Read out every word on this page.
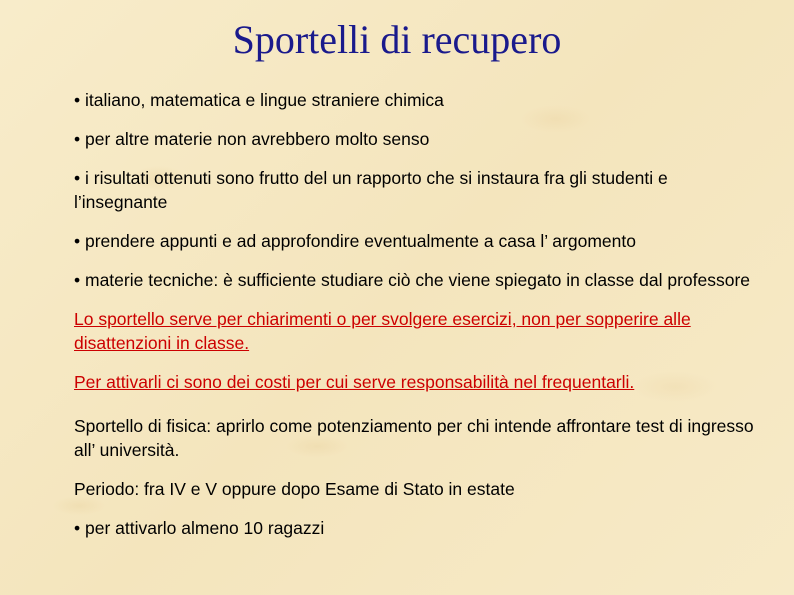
Sportelli di recupero

• italiano, matematica e lingue straniere chimica

• per altre materie non avrebbero molto senso

• i risultati ottenuti sono frutto del un rapporto che si instaura fra gli studenti e l’insegnante

• prendere appunti e ad approfondire eventualmente a casa l’ argomento

• materie tecniche: è sufficiente studiare ciò che viene spiegato in classe dal professore

Lo sportello serve per chiarimenti o per svolgere esercizi, non per sopperire alle disattenzioni in classe.

Per attivarli ci sono dei costi per cui serve responsabilità nel frequentarli.

Sportello di fisica: aprirlo come potenziamento per chi intende affrontare test di ingresso all’ università.

Periodo: fra IV e V oppure dopo Esame di Stato in estate

• per attivarlo almeno 10 ragazzi
